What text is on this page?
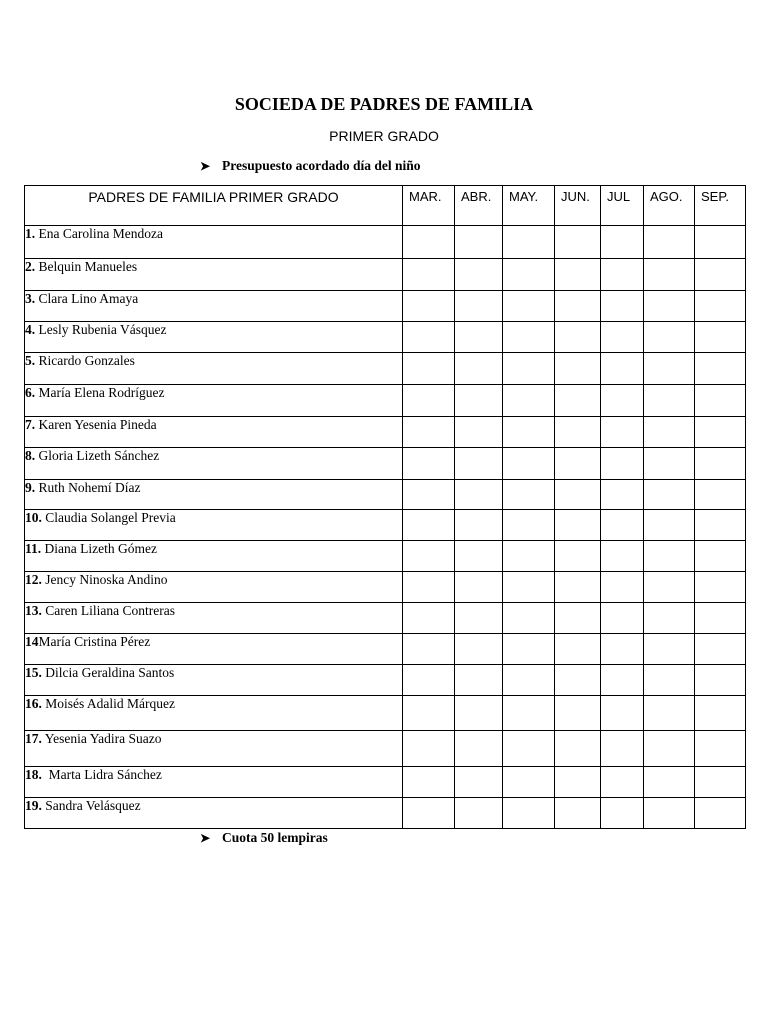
SOCIEDA DE PADRES DE FAMILIA
PRIMER GRADO
➤ Presupuesto acordado día del niño
PADRES DE FAMILIA PRIMER GRADO	MAR.	ABR.	MAY.	JUN.	JUL	AGO.	SEP.
1. Ena Carolina Mendoza							
2. Belquin Manueles							
3. Clara Lino Amaya							
4. Lesly Rubenia Vásquez							
5. Ricardo Gonzales							
6. María Elena Rodríguez							
7. Karen Yesenia Pineda							
8. Gloria Lizeth Sánchez							
9. Ruth Nohemí Díaz							
10. Claudia Solangel Previa							
11. Diana Lizeth Gómez							
12. Jency Ninoska Andino							
13. Caren Liliana Contreras							
14María Cristina Pérez							
15. Dilcia Geraldina Santos							
16. Moisés Adalid Márquez							
17. Yesenia Yadira Suazo							
18.  Marta Lidra Sánchez							
19. Sandra Velásquez							
➤ Cuota 50 lempiras
